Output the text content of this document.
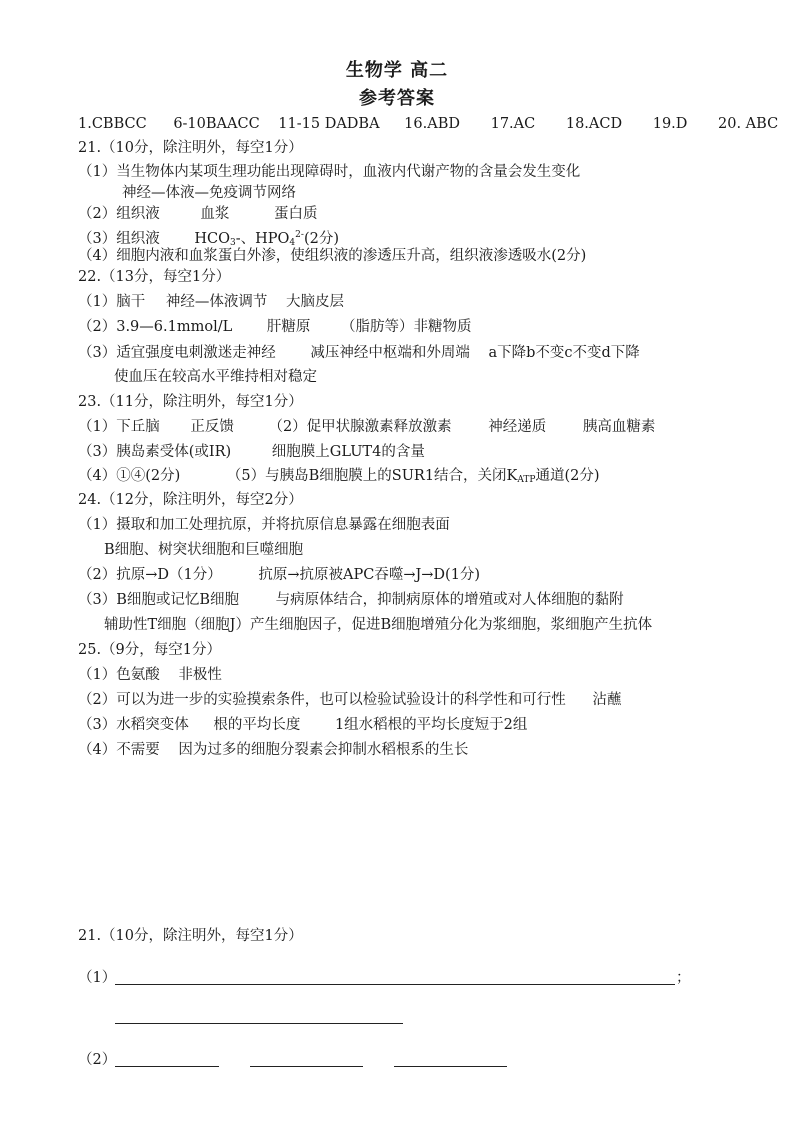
生物学 高二
参考答案
1.CBBCC 6-10BAACC 11-15 DADBA 16.ABD 17.AC 18.ACD 19.D 20. ABC
21.（10分，除注明外，每空1分）
（1）当生物体内某项生理功能出现障碍时，血液内代谢产物的含量会发生变化
神经—体液—免疫调节网络
（2）组织液	血浆	蛋白质
（3）组织液 $HCO_3-$、$HPO_4^{2-}(2$分)
（4）细胞内液和血浆蛋白外渗，使组织液的渗透压升高，组织液渗透吸水(2分)
22.（13分，每空1分）
（1）脑干 神经—体液调节 大脑皮层
（2）3.9—6.1mmol/L 肝糖原 （脂肪等）非糖物质
（3）适宜强度电刺激迷走神经 减压神经中枢端和外周端 a下降b不变c不变d下降
使血压在较高水平维持相对稳定
23.（11分，除注明外，每空1分）
（1）下丘脑 正反馈 （2）促甲状腺激素释放激素	神经递质	胰高血糖素
（3）胰岛素受体(或IR)	细胞膜上GLUT4的含量
（4）①④(2分)	（5）与胰岛B细胞膜上的SUR1结合，关闭$K_{ATP}$通道(2分)
24.（12分，除注明外，每空2分）
（1）摄取和加工处理抗原，并将抗原信息暴露在细胞表面
B细胞、树突状细胞和巨噬细胞
（2）抗原→D（1分）	抗原→抗原被APC吞噬→J→D(1分)
（3）B细胞或记忆B细胞	与病原体结合，抑制病原体的增殖或对人体细胞的黏附
辅助性T细胞（细胞J）产生细胞因子，促进B细胞增殖分化为浆细胞，浆细胞产生抗体
25.（9分，每空1分）
（1）色氨酸 非极性
（2）可以为进一步的实验摸索条件，也可以检验试验设计的科学性和可行性 沾蘸
（3）水稻突变体 根的平均长度 1组水稻根的平均长度短于2组
（4）不需要 因为过多的细胞分裂素会抑制水稻根系的生长
21.（10分，除注明外，每空1分）
（1）	；
（2）
